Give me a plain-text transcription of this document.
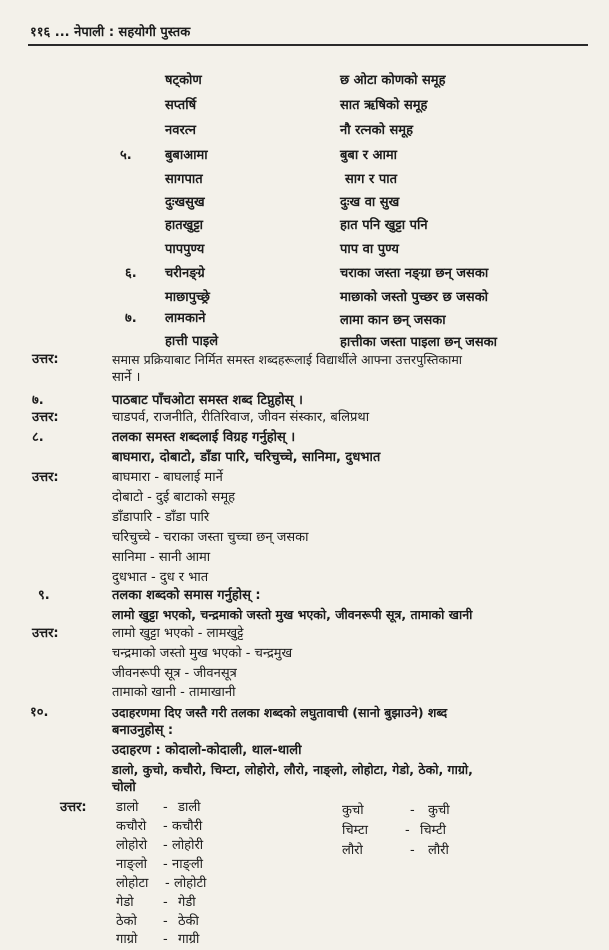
११६ ... नेपाली : सहयोगी पुस्तक
षट्कोण	छ ओटा कोणको समूह
सप्तर्षि	सात ऋषिको समूह
नवरत्न	नौ रत्नको समूह
५.	बुबाआमा	बुबा र आमा
सागपात	साग र पात
दुःखसुख	दुःख वा सुख
हातखुट्टा	हात पनि खुट्टा पनि
पापपुण्य	पाप वा पुण्य
६. चरीनङ्ग्रे	चराका जस्ता नङ्ग्रा छन् जसका
माछापुच्छ्रे	माछाको जस्तो पुच्छर छ जसको
७. लामकाने	लामा कान छन् जसका
हात्ती पाइले	हात्तीका जस्ता पाइला छन् जसका
उत्तर:	समास प्रक्रियाबाट निर्मित समस्त शब्दहरूलाई विद्यार्थीले आफ्ना उत्तरपुस्तिकामा
सार्ने ।
७.	पाठबाट पाँचओटा समस्त शब्द टिप्नुहोस् ।
उत्तर:	चाडपर्व, राजनीति, रीतिरिवाज, जीवन संस्कार, बलिप्रथा
८.	तलका समस्त शब्दलाई विग्रह गर्नुहोस् ।
बाघमारा, दोबाटो, डाँडा पारि, चरिचुच्चे, सानिमा, दुधभात
उत्तर:	बाघमारा - बाघलाई मार्ने
दोबाटो - दुई बाटाको समूह
डाँडापारि - डाँडा पारि
चरिचुच्चे - चराका जस्ता चुच्चा छन् जसका
सानिमा - सानी आमा
दुधभात - दुध र भात
९.	तलका शब्दको समास गर्नुहोस् :
लामो खुट्टा भएको, चन्द्रमाको जस्तो मुख भएको, जीवनरूपी सूत्र, तामाको खानी
उत्तर:	लामो खुट्टा भएको - लामखुट्टे
चन्द्रमाको जस्तो मुख भएको - चन्द्रमुख
जीवनरूपी सूत्र - जीवनसूत्र
तामाको खानी - तामाखानी
१०.	उदाहरणमा दिए जस्तै गरी तलका शब्दको लघुतावाची (सानो बुझाउने) शब्द
बनाउनुहोस् :
उदाहरण : कोदालो-कोदाली, थाल-थाली
डालो, कुचो, कचौरो, चिम्टा, लोहोरो, लौरो, नाङ्लो, लोहोटा, गेडो, ठेको, गाग्रो,
चोलो
उत्तर: डालो - डाली
कचौरो - कचौरी
लोहोरो - लोहोरी
नाङ्लो - नाङ्ली
लोहोटा - लोहोटी
गेडो - गेडी
ठेको - ठेकी
गाग्रो - गाग्री
कुचो	- कुची
चिम्टा	- चिम्टी
लौरो	- लौरी
